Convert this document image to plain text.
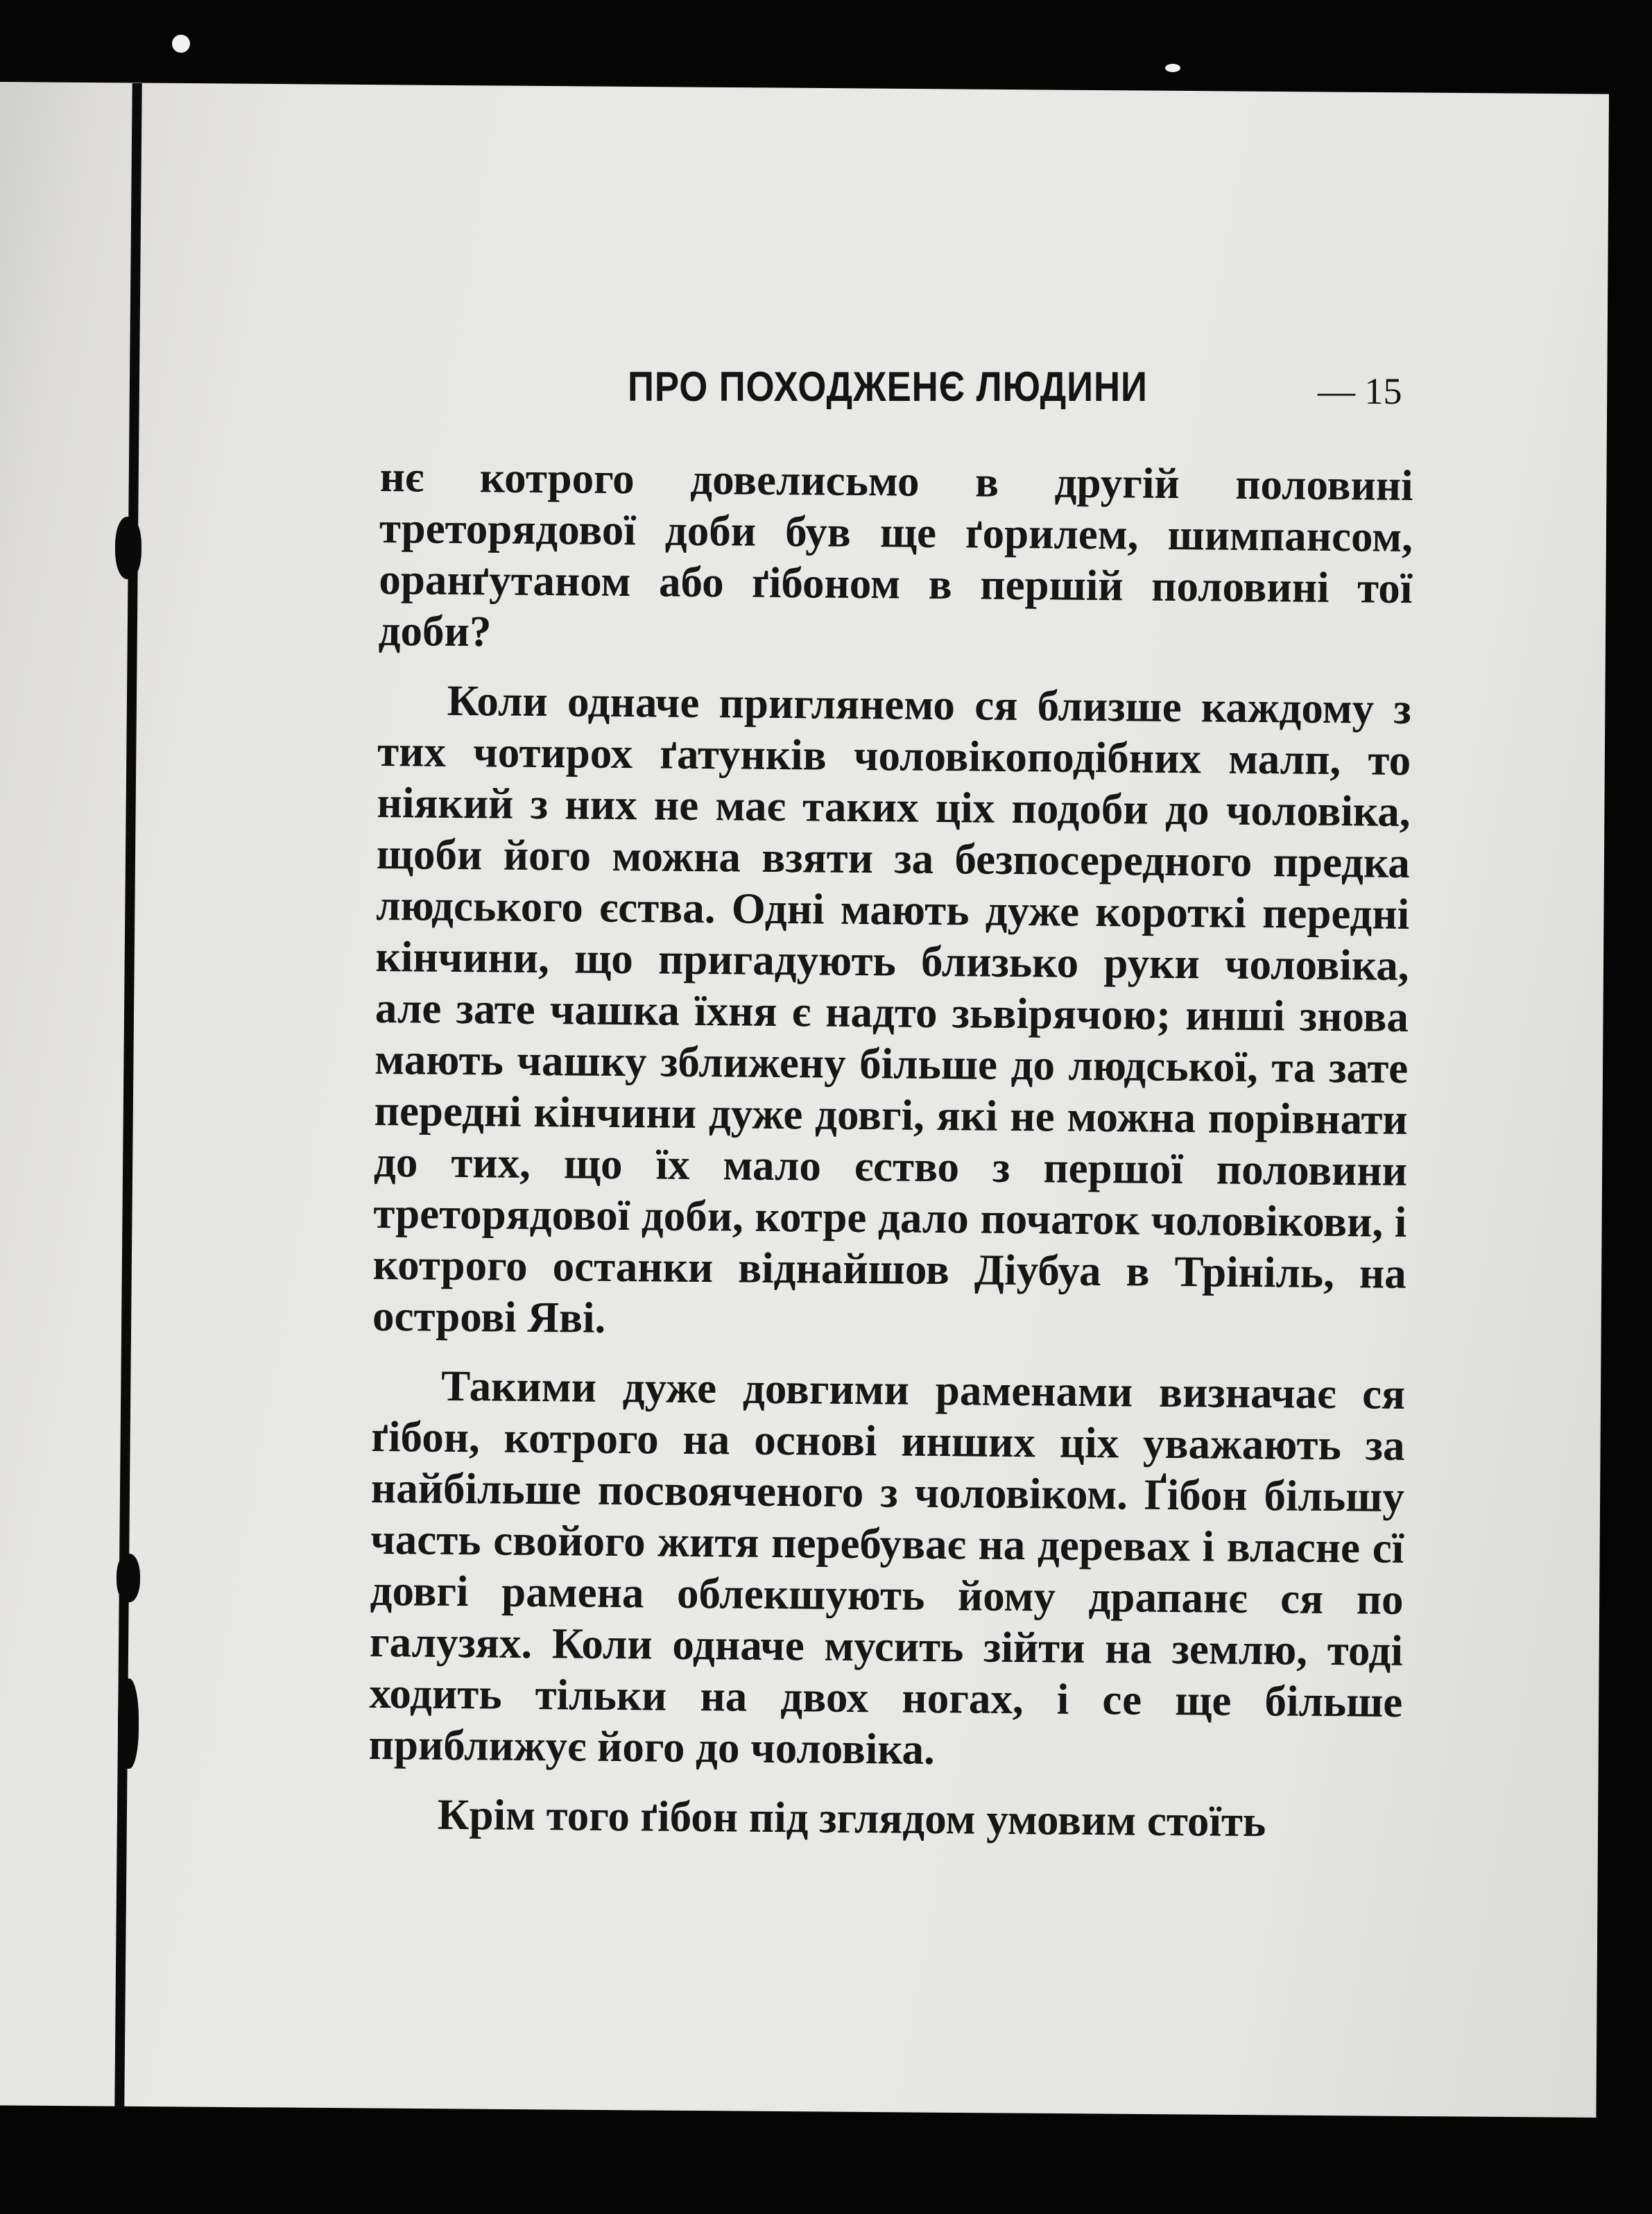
ПРО ПОХОДЖЕНЄ ЛЮДИНИ	— 15

нє котрого довелисьмо в другій половині третоpядової доби був ще ґорилем, шимпансом, оранґутаном або ґібоном в першій половині тої доби?

Коли одначе приглянемо ся близше каждому з тих чотирох ґатунків чоловікоподібних малп, то ніякий з них не має таких ціх подоби до чоловіка, щоби його можна взяти за безпосередного предка людського єства. Одні мають дуже короткі передні кінчини, що пригадують близько руки чоловіка, але зате чашка їхня є надто зьвірячою; инші знова мають чашку зближену більше до людської, та зате передні кінчини дуже довгі, які не можна порівнати до тих, що їх мало єство з першої половини треторядової доби, котре дало початок чоловікови, і котрого останки віднайшов Діубуа в Трініль, на острові Яві.

Такими дуже довгими раменами визначає ся ґібон, котрого на основі инших ціх уважають за найбільше посвояченого з чоловіком. Ґібон більшу часть свойого житя перебуває на деревах і власне сї довгі рамена облекшують йому драпанє ся по галузях. Коли одначе мусить зійти на землю, тоді ходить тільки на двох ногах, і се ще більше приближує його до чоловіка.

Крім того ґібон під зглядом умовим стоїть
